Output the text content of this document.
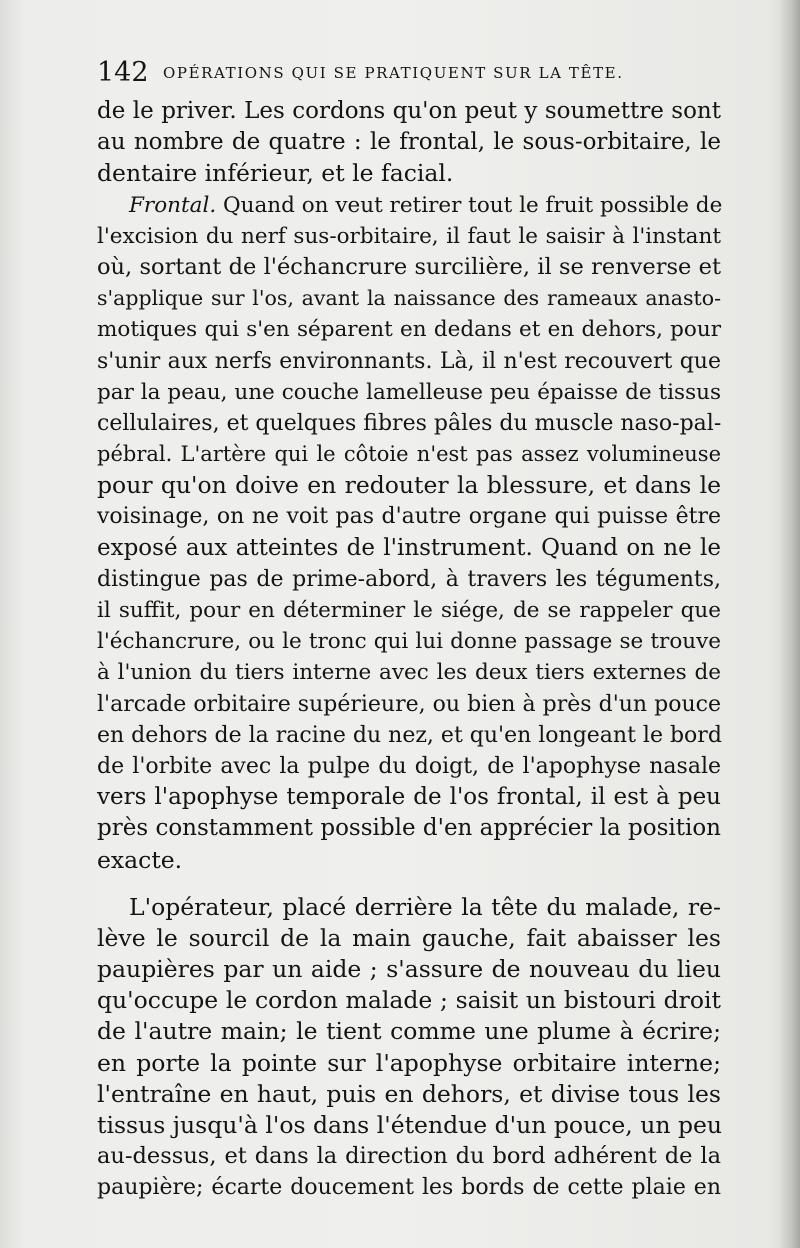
142 OPÉRATIONS QUI SE PRATIQUENT SUR LA TÊTE.
de le priver. Les cordons qu'on peut y soumettre sont
au nombre de quatre : le frontal, le sous-orbitaire, le
dentaire inférieur, et le facial.
Frontal. Quand on veut retirer tout le fruit possible de
l'excision du nerf sus-orbitaire, il faut le saisir à l'instant
où, sortant de l'échancrure surcilière, il se renverse et
s'applique sur l'os, avant la naissance des rameaux anasto-
motiques qui s'en séparent en dedans et en dehors, pour
s'unir aux nerfs environnants. Là, il n'est recouvert que
par la peau, une couche lamelleuse peu épaisse de tissus
cellulaires, et quelques fibres pâles du muscle naso-pal-
pébral. L'artère qui le côtoie n'est pas assez volumineuse
pour qu'on doive en redouter la blessure, et dans le
voisinage, on ne voit pas d'autre organe qui puisse être
exposé aux atteintes de l'instrument. Quand on ne le
distingue pas de prime-abord, à travers les téguments,
il suffit, pour en déterminer le siége, de se rappeler que
l'échancrure, ou le tronc qui lui donne passage se trouve
à l'union du tiers interne avec les deux tiers externes de
l'arcade orbitaire supérieure, ou bien à près d'un pouce
en dehors de la racine du nez, et qu'en longeant le bord
de l'orbite avec la pulpe du doigt, de l'apophyse nasale
vers l'apophyse temporale de l'os frontal, il est à peu
près constamment possible d'en apprécier la position
exacte.
L'opérateur, placé derrière la tête du malade, re-
lève le sourcil de la main gauche, fait abaisser les
paupières par un aide ; s'assure de nouveau du lieu
qu'occupe le cordon malade ; saisit un bistouri droit
de l'autre main; le tient comme une plume à écrire;
en porte la pointe sur l'apophyse orbitaire interne;
l'entraîne en haut, puis en dehors, et divise tous les
tissus jusqu'à l'os dans l'étendue d'un pouce, un peu
au-dessus, et dans la direction du bord adhérent de la
paupière; écarte doucement les bords de cette plaie en
